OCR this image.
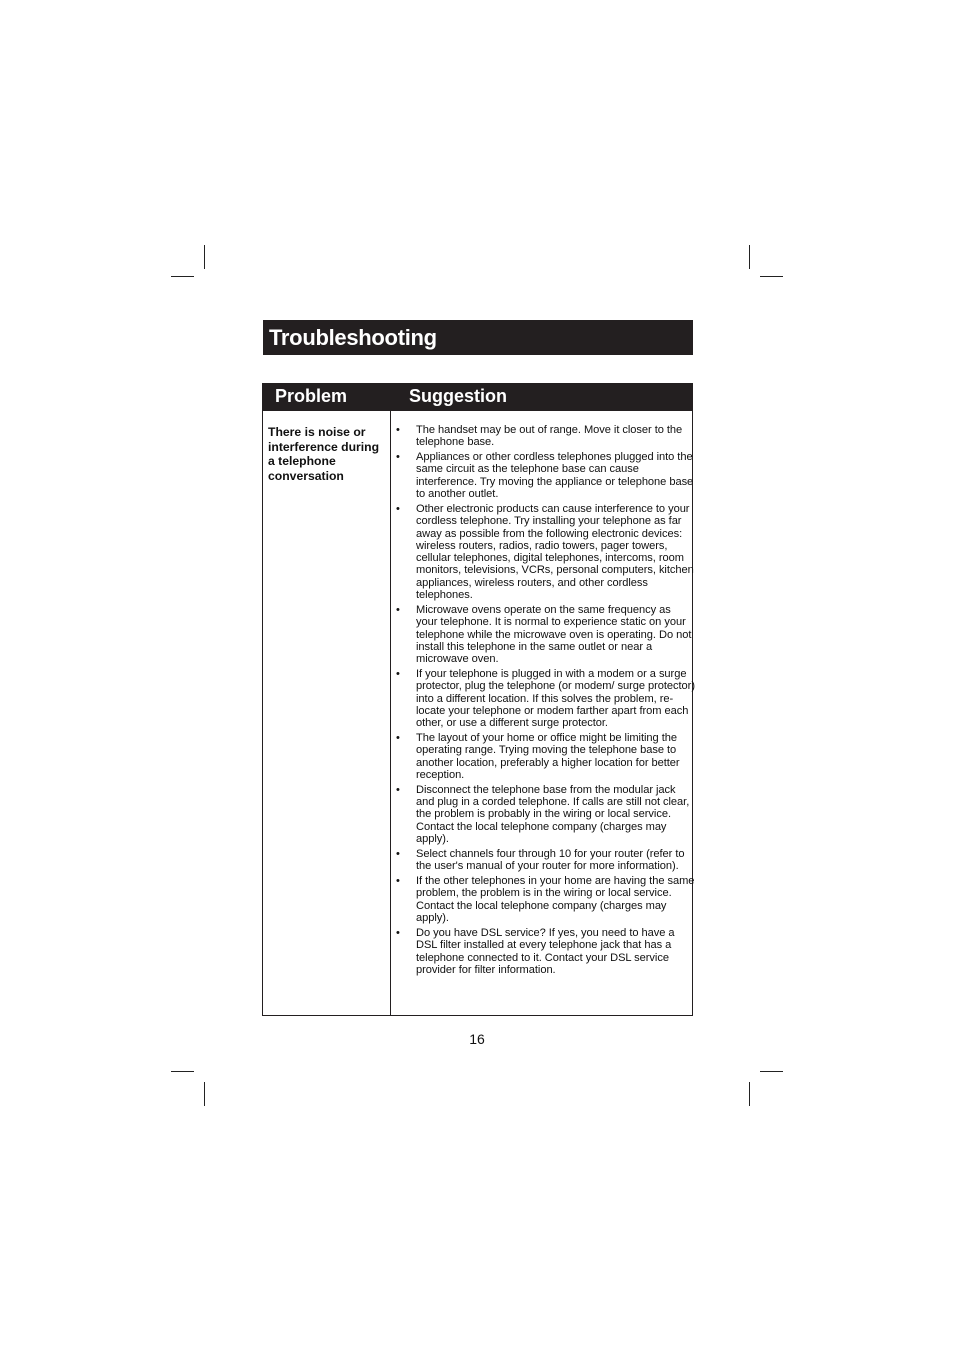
Troubleshooting
Problem	Suggestion
There is noise or interference during a telephone conversation
• The handset may be out of range. Move it closer to the telephone base.
• Appliances or other cordless telephones plugged into the same circuit as the telephone base can cause interference. Try moving the appliance or telephone base to another outlet.
• Other electronic products can cause interference to your cordless telephone. Try installing your telephone as far away as possible from the following electronic devices: wireless routers, radios, radio towers, pager towers, cellular telephones, digital telephones, intercoms, room monitors, televisions, VCRs, personal computers, kitchen appliances, wireless routers, and other cordless telephones.
• Microwave ovens operate on the same frequency as your telephone. It is normal to experience static on your telephone while the microwave oven is operating. Do not install this telephone in the same outlet or near a microwave oven.
• If your telephone is plugged in with a modem or a surge protector, plug the telephone (or modem/ surge protector) into a different location. If this solves the problem, re-locate your telephone or modem farther apart from each other, or use a different surge protector.
• The layout of your home or office might be limiting the operating range. Trying moving the telephone base to another location, preferably a higher location for better reception.
• Disconnect the telephone base from the modular jack and plug in a corded telephone. If calls are still not clear, the problem is probably in the wiring or local service. Contact the local telephone company (charges may apply).
• Select channels four through 10 for your router (refer to the user's manual of your router for more information).
• If the other telephones in your home are having the same problem, the problem is in the wiring or local service. Contact the local telephone company (charges may apply).
• Do you have DSL service? If yes, you need to have a DSL filter installed at every telephone jack that has a telephone connected to it. Contact your DSL service provider for filter information.
16
